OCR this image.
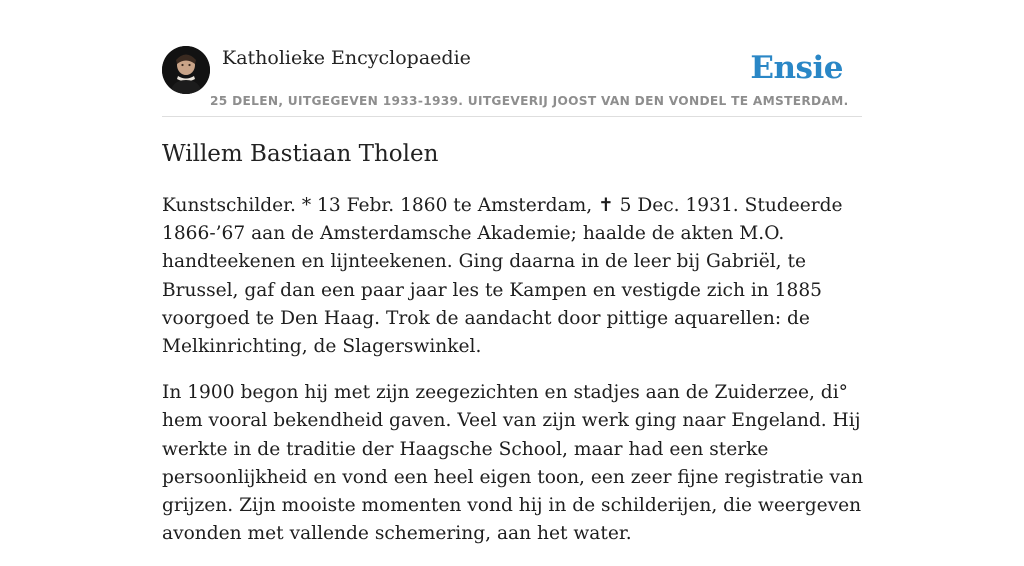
Katholieke Encyclopaedie
25 DELEN, UITGEGEVEN 1933-1939. UITGEVERIJ JOOST VAN DEN VONDEL TE AMSTERDAM.
Ensie
Willem Bastiaan Tholen

Kunstschilder. * 13 Febr. 1860 te Amsterdam, ✝ 5 Dec. 1931. Studeerde 1866-’67 aan de Amsterdamsche Akademie; haalde de akten M.O. handteekenen en lijnteekenen. Ging daarna in de leer bij Gabriël, te Brussel, gaf dan een paar jaar les te Kampen en vestigde zich in 1885 voorgoed te Den Haag. Trok de aandacht door pittige aquarellen: de Melkinrichting, de Slagerswinkel.

In 1900 begon hij met zijn zeegezichten en stadjes aan de Zuiderzee, di° hem vooral bekendheid gaven. Veel van zijn werk ging naar Engeland. Hij werkte in de traditie der Haagsche School, maar had een sterke persoonlijkheid en vond een heel eigen toon, een zeer fijne registratie van grijzen. Zijn mooiste momenten vond hij in de schilderijen, die weergeven avonden met vallende schemering, aan het water.
